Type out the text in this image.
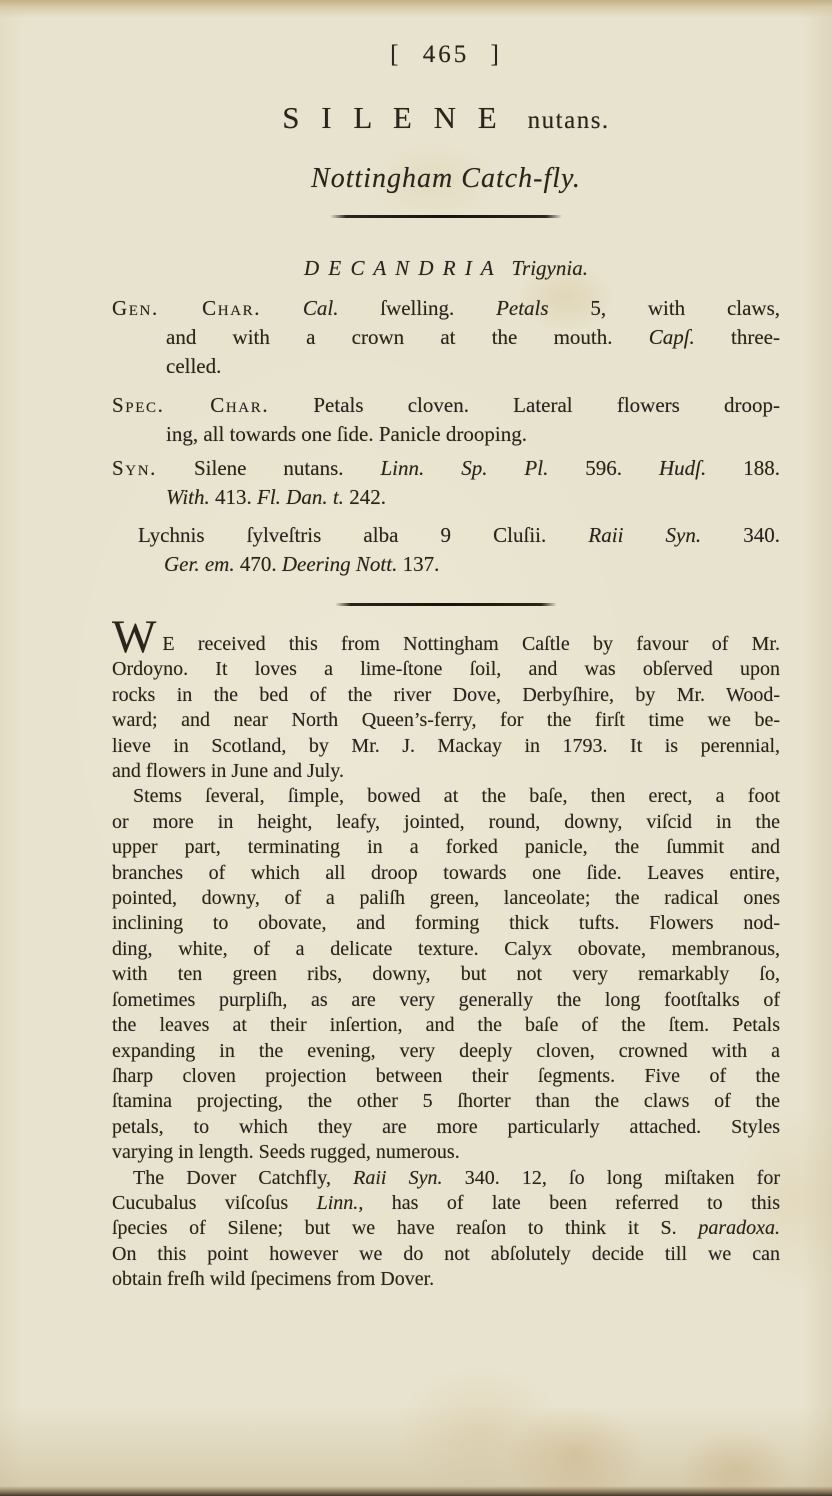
[ 465 ]
S I L E N E nutans.
Nottingham Catch-fly.
D E C A N D R I A Trigynia.
Gen. Char. Cal. ſwelling. Petals 5, with claws,
and with a crown at the mouth. Capſ. three-
celled.
Spec. Char. Petals cloven. Lateral flowers droop-
ing, all towards one ſide. Panicle drooping.
Syn. Silene nutans. Linn. Sp. Pl. 596. Hudſ. 188.
With. 413. Fl. Dan. t. 242.
Lychnis ſylveſtris alba 9 Cluſii. Raii Syn. 340.
Ger. em. 470. Deering Nott. 137.
W E received this from Nottingham Caſtle by favour of Mr.
Ordoyno. It loves a lime-ſtone ſoil, and was obſerved upon
rocks in the bed of the river Dove, Derbyſhire, by Mr. Wood-
ward; and near North Queen’s-ferry, for the firſt time we be-
lieve in Scotland, by Mr. J. Mackay in 1793. It is perennial,
and flowers in June and July.
Stems ſeveral, ſimple, bowed at the baſe, then erect, a foot
or more in height, leafy, jointed, round, downy, viſcid in the
upper part, terminating in a forked panicle, the ſummit and
branches of which all droop towards one ſide. Leaves entire,
pointed, downy, of a paliſh green, lanceolate; the radical ones
inclining to obovate, and forming thick tufts. Flowers nod-
ding, white, of a delicate texture. Calyx obovate, membranous,
with ten green ribs, downy, but not very remarkably ſo,
ſometimes purpliſh, as are very generally the long footſtalks of
the leaves at their inſertion, and the baſe of the ſtem. Petals
expanding in the evening, very deeply cloven, crowned with a
ſharp cloven projection between their ſegments. Five of the
ſtamina projecting, the other 5 ſhorter than the claws of the
petals, to which they are more particularly attached. Styles
varying in length. Seeds rugged, numerous.
The Dover Catchfly, Raii Syn. 340. 12, ſo long miſtaken for
Cucubalus viſcoſus Linn., has of late been referred to this
ſpecies of Silene; but we have reaſon to think it S. paradoxa.
On this point however we do not abſolutely decide till we can
obtain freſh wild ſpecimens from Dover.
